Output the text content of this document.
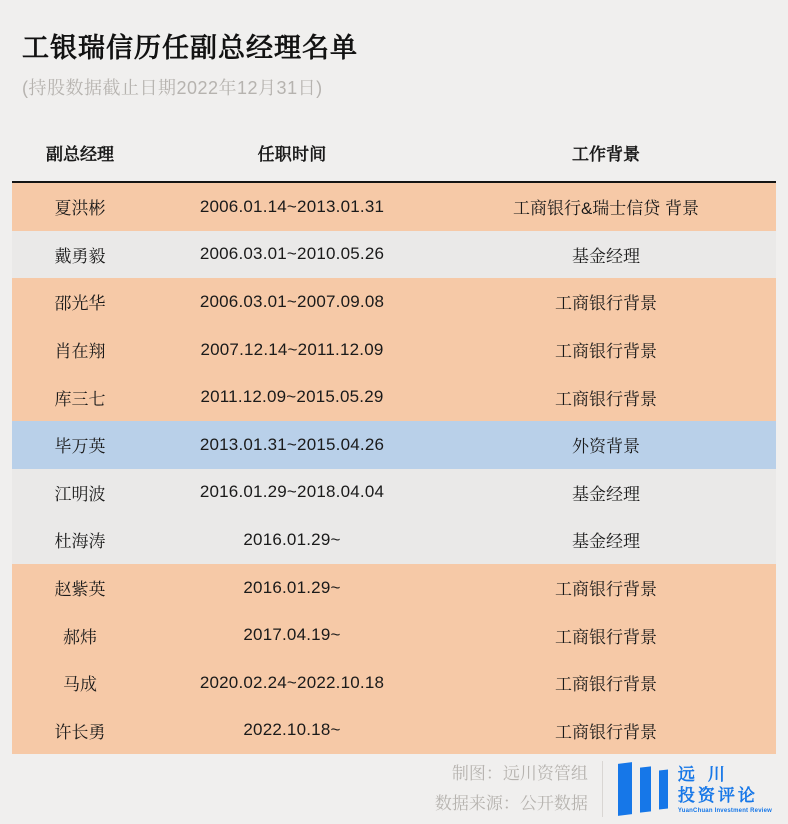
工银瑞信历任副总经理名单
(持股数据截止日期2022年12月31日)
副总经理	任职时间	工作背景
夏洪彬	2006.01.14~2013.01.31	工商银行&瑞士信贷 背景
戴勇毅	2006.03.01~2010.05.26	基金经理
邵光华	2006.03.01~2007.09.08	工商银行背景
肖在翔	2007.12.14~2011.12.09	工商银行背景
库三七	2011.12.09~2015.05.29	工商银行背景
毕万英	2013.01.31~2015.04.26	外资背景
江明波	2016.01.29~2018.04.04	基金经理
杜海涛	2016.01.29~	基金经理
赵紫英	2016.01.29~	工商银行背景
郝炜	2017.04.19~	工商银行背景
马成	2020.02.24~2022.10.18	工商银行背景
许长勇	2022.10.18~	工商银行背景
制图：远川资管组
数据来源：公开数据
远川
投资评论
YuanChuan Investment Review
